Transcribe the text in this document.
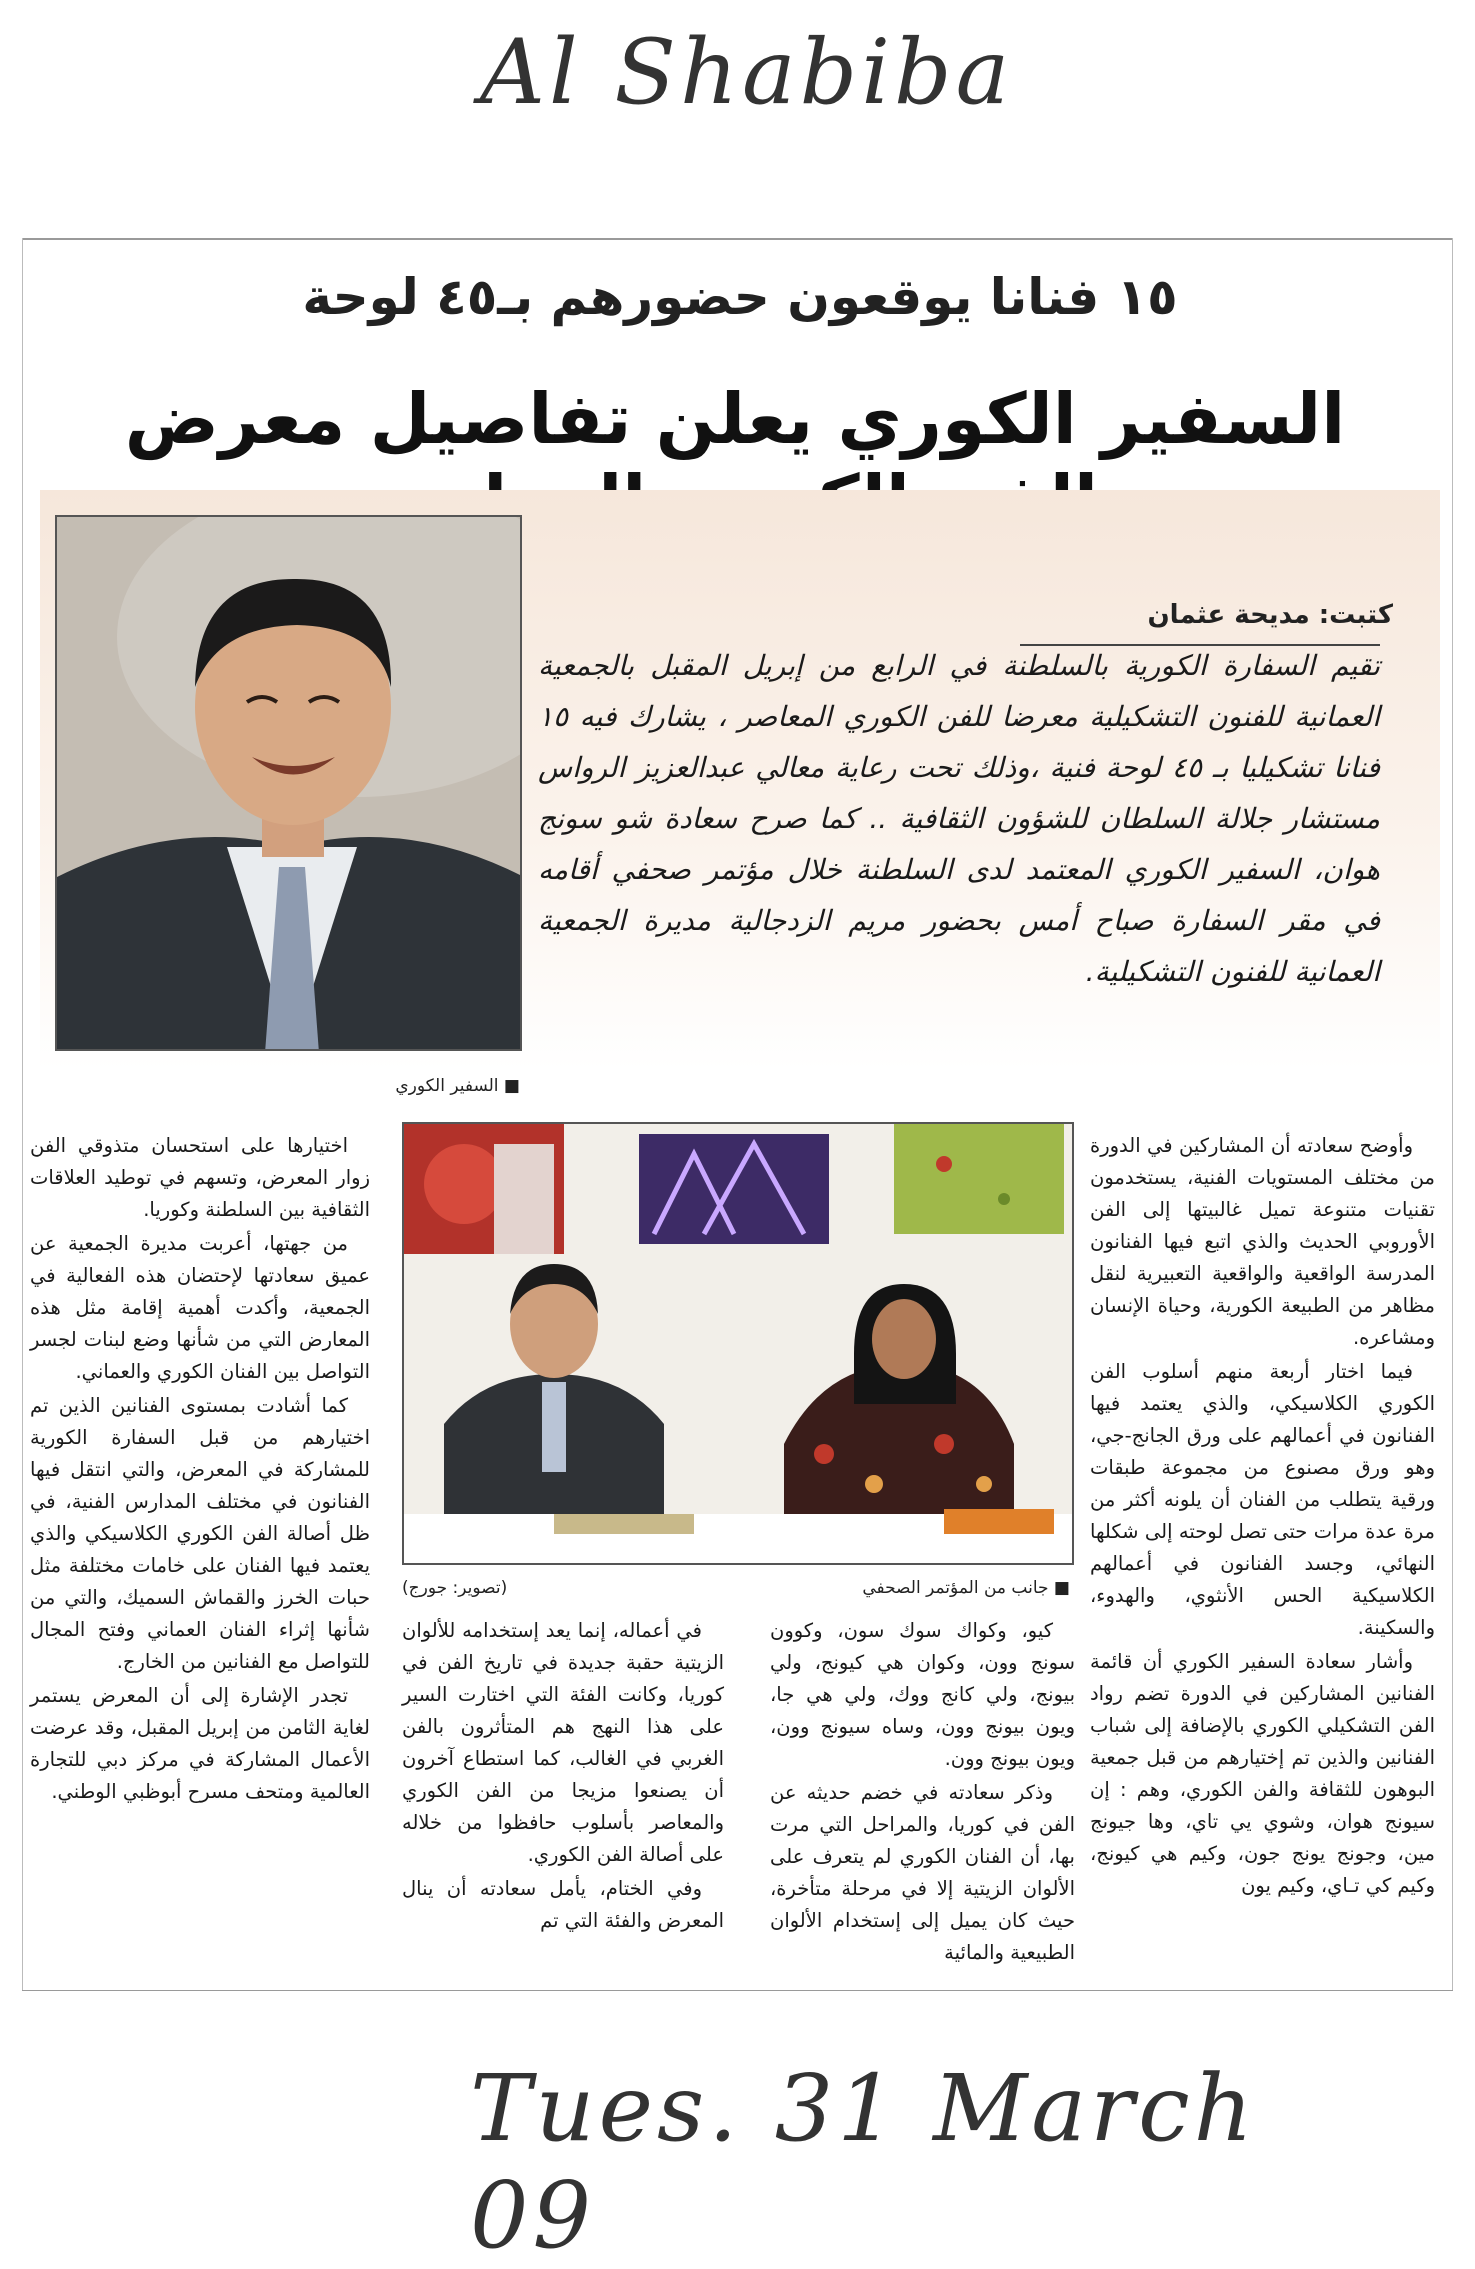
Al Shabiba
١٥ فنانا يوقعون حضورهم بـ٤٥ لوحة
السفير الكوري يعلن تفاصيل معرض
■ السفير الكوري
كتبت: مديحة عثمان
تقيم السفارة الكورية بالسلطنة في الرابع من إبريل المقبل بالجمعية العمانية للفنون التشكيلية معرضا للفن الكوري المعاصر ، يشارك فيه ١٥ فنانا تشكيليا بـ ٤٥ لوحة فنية ،وذلك تحت رعاية معالي عبدالعزيز الرواس مستشار جلالة السلطان للشؤون الثقافية .. كما صرح سعادة شو سونج هوان، السفير الكوري المعتمد لدى السلطنة خلال مؤتمر صحفي أقامه في مقر السفارة صباح أمس بحضور مريم الزدجالية مديرة الجمعية العمانية للفنون التشكيلية.
■ جانب من المؤتمر الصحفي
(تصوير: جورج)

وأوضح سعادته أن المشاركين في الدورة من مختلف المستويات الفنية، يستخدمون تقنيات متنوعة تميل غالبيتها إلى الفن الأوروبي الحديث والذي اتبع فيها الفنانون المدرسة الواقعية والواقعية التعبيرية لنقل مظاهر من الطبيعة الكورية، وحياة الإنسان ومشاعره.

فيما اختار أربعة منهم أسلوب الفن الكوري الكلاسيكي، والذي يعتمد فيها الفنانون في أعمالهم على ورق الجانج-جي، وهو ورق مصنوع من مجموعة طبقات ورقية يتطلب من الفنان أن يلونه أكثر من مرة عدة مرات حتى تصل لوحته إلى شكلها النهائي، وجسد الفنانون في أعمالهم الكلاسيكية الحس الأنثوي، والهدوء، والسكينة.

وأشار سعادة السفير الكوري أن قائمة الفنانين المشاركين في الدورة تضم رواد الفن التشكيلي الكوري بالإضافة إلى شباب الفنانين والذين تم إختيارهم من قبل جمعية البوهون للثقافة والفن الكوري، وهم : إن سيونج هوان، وشوي يي تاي، وها جيونج مين، وجونج يونج جون، وكيم هي كيونج، وكيم كي تـاي، وكيم يون

كيو، وكواك سوك سون، وكوون سونج وون، وكوان هي كيونج، ولي بيونج، ولي كانج ووك، ولي هي جا، ويون بيونج وون، وساه سيونج وون، ويون بيونج وون.

وذكر سعادته في خضم حديثه عن الفن في كوريا، والمراحل التي مرت بها، أن الفنان الكوري لم يتعرف على الألوان الزيتية إلا في مرحلة متأخرة، حيث كان يميل إلى إستخدام الألوان الطبيعية والمائية

في أعماله، إنما يعد إستخدامه للألوان الزيتية حقبة جديدة في تاريخ الفن في كوريا، وكانت الفئة التي اختارت السير على هذا النهج هم المتأثرون بالفن الغربي في الغالب، كما استطاع آخرون أن يصنعوا مزيجا من الفن الكوري والمعاصر بأسلوب حافظوا من خلاله على أصالة الفن الكوري.

وفي الختام، يأمل سعادته أن ينال المعرض والفئة التي تم

اختيارها على استحسان متذوقي الفن زوار المعرض، وتسهم في توطيد العلاقات الثقافية بين السلطنة وكوريا.

من جهتها، أعربت مديرة الجمعية عن عميق سعادتها لإحتضان هذه الفعالية في الجمعية، وأكدت أهمية إقامة مثل هذه المعارض التي من شأنها وضع لبنات لجسر التواصل بين الفنان الكوري والعماني.

كما أشادت بمستوى الفنانين الذين تم اختيارهم من قبل السفارة الكورية للمشاركة في المعرض، والتي انتقل فيها الفنانون في مختلف المدارس الفنية، في ظل أصالة الفن الكوري الكلاسيكي والذي يعتمد فيها الفنان على خامات مختلفة مثل حبات الخرز والقماش السميك، والتي من شأنها إثراء الفنان العماني وفتح المجال للتواصل مع الفنانين من الخارج.

تجدر الإشارة إلى أن المعرض يستمر لغاية الثامن من إبريل المقبل، وقد عرضت الأعمال المشاركة في مركز دبي للتجارة العالمية ومتحف مسرح أبوظبي الوطني.

Tues. 31 March 09
